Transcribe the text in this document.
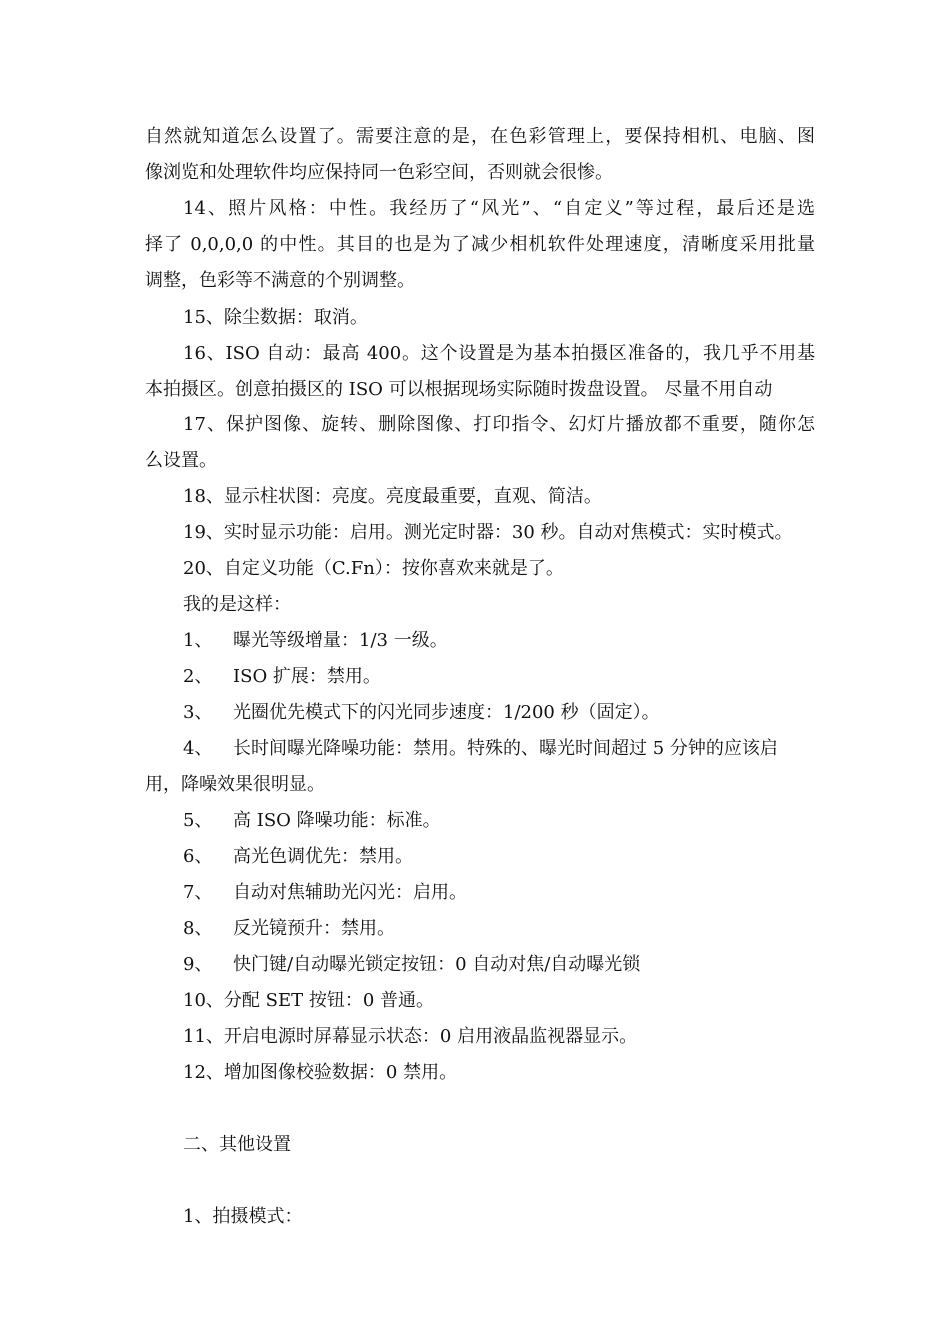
自然就知道怎么设置了。需要注意的是，在色彩管理上，要保持相机、电脑、图
像浏览和处理软件均应保持同一色彩空间，否则就会很惨。
14、照片风格：中性。我经历了“风光”、“自定义”等过程，最后还是选
择了 0,0,0,0 的中性。其目的也是为了减少相机软件处理速度，清晰度采用批量
调整，色彩等不满意的个别调整。
15、除尘数据：取消。
16、ISO 自动：最高 400。这个设置是为基本拍摄区准备的，我几乎不用基
本拍摄区。创意拍摄区的 ISO 可以根据现场实际随时拨盘设置。 尽量不用自动
17、保护图像、旋转、删除图像、打印指令、幻灯片播放都不重要，随你怎
么设置。
18、显示柱状图：亮度。亮度最重要，直观、简洁。
19、实时显示功能：启用。测光定时器：30 秒。自动对焦模式：实时模式。
20、自定义功能（C.Fn）：按你喜欢来就是了。
我的是这样：
1、 曝光等级增量：1/3 一级。
2、 ISO 扩展：禁用。
3、 光圈优先模式下的闪光同步速度：1/200 秒（固定）。
4、 长时间曝光降噪功能：禁用。特殊的、曝光时间超过 5 分钟的应该启
用，降噪效果很明显。
5、 高 ISO 降噪功能：标准。
6、 高光色调优先：禁用。
7、 自动对焦辅助光闪光：启用。
8、 反光镜预升：禁用。
9、 快门键/自动曝光锁定按钮：0 自动对焦/自动曝光锁
10、分配 SET 按钮：0 普通。
11、开启电源时屏幕显示状态：0 启用液晶监视器显示。
12、增加图像校验数据：0 禁用。
二、其他设置
1、拍摄模式：
